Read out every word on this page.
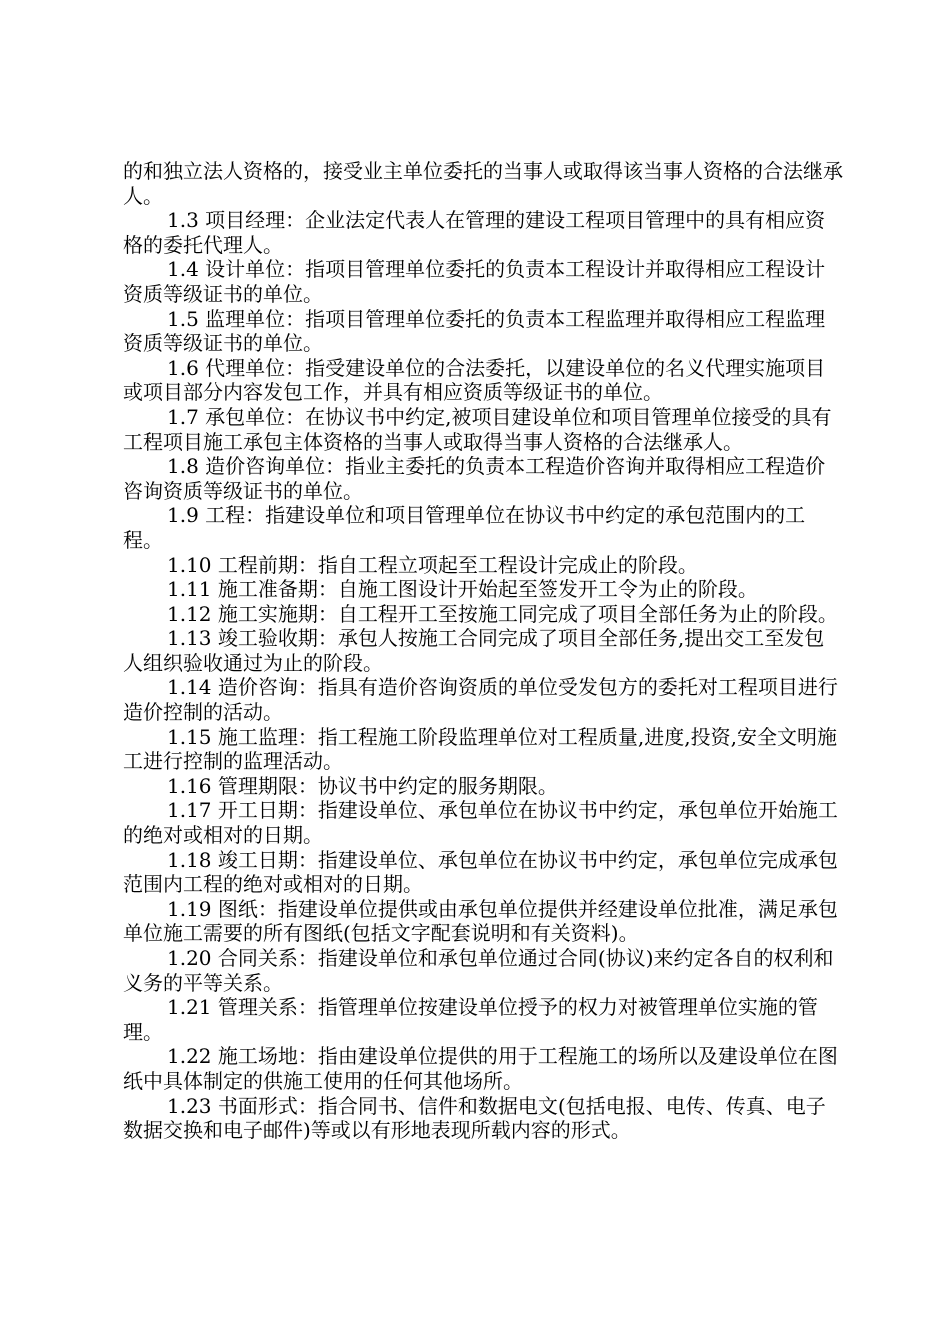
的和独立法人资格的，接受业主单位委托的当事人或取得该当事人资格的合法继承人。

1.3 项目经理：企业法定代表人在管理的建设工程项目管理中的具有相应资格的委托代理人。

1.4 设计单位：指项目管理单位委托的负责本工程设计并取得相应工程设计资质等级证书的单位。

1.5 监理单位：指项目管理单位委托的负责本工程监理并取得相应工程监理资质等级证书的单位。

1.6 代理单位：指受建设单位的合法委托，以建设单位的名义代理实施项目或项目部分内容发包工作，并具有相应资质等级证书的单位。

1.7 承包单位：在协议书中约定,被项目建设单位和项目管理单位接受的具有工程项目施工承包主体资格的当事人或取得当事人资格的合法继承人。

1.8 造价咨询单位：指业主委托的负责本工程造价咨询并取得相应工程造价咨询资质等级证书的单位。

1.9 工程：指建设单位和项目管理单位在协议书中约定的承包范围内的工程。

1.10 工程前期：指自工程立项起至工程设计完成止的阶段。

1.11 施工准备期：自施工图设计开始起至签发开工令为止的阶段。

1.12 施工实施期：自工程开工至按施工同完成了项目全部任务为止的阶段。

1.13 竣工验收期：承包人按施工合同完成了项目全部任务,提出交工至发包人组织验收通过为止的阶段。

1.14 造价咨询：指具有造价咨询资质的单位受发包方的委托对工程项目进行造价控制的活动。

1.15 施工监理：指工程施工阶段监理单位对工程质量,进度,投资,安全文明施工进行控制的监理活动。

1.16 管理期限：协议书中约定的服务期限。

1.17 开工日期：指建设单位、承包单位在协议书中约定，承包单位开始施工的绝对或相对的日期。

1.18 竣工日期：指建设单位、承包单位在协议书中约定，承包单位完成承包范围内工程的绝对或相对的日期。

1.19 图纸：指建设单位提供或由承包单位提供并经建设单位批准，满足承包单位施工需要的所有图纸(包括文字配套说明和有关资料)。

1.20 合同关系：指建设单位和承包单位通过合同(协议)来约定各自的权利和义务的平等关系。

1.21 管理关系：指管理单位按建设单位授予的权力对被管理单位实施的管理。

1.22 施工场地：指由建设单位提供的用于工程施工的场所以及建设单位在图纸中具体制定的供施工使用的任何其他场所。

1.23 书面形式：指合同书、信件和数据电文(包括电报、电传、传真、电子数据交换和电子邮件)等或以有形地表现所载内容的形式。
